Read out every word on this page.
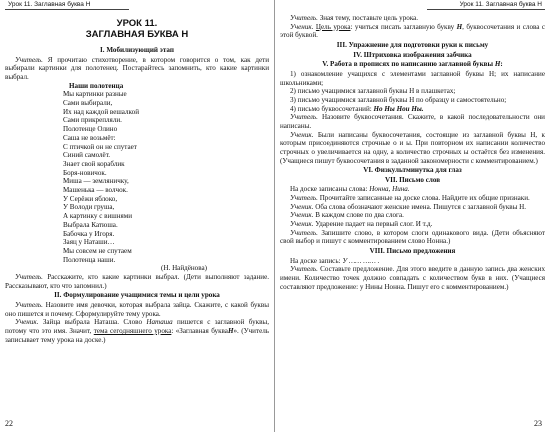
Урок 11. Заглавная буква Н
УРОК 11.
ЗАГЛАВНАЯ БУКВА Н
I. Мобилизующий этап

Учитель. Я прочитаю стихотворение, в котором говорится о том, как дети выбирали картинки для полотенец. Постарайтесь запомнить, кто какие картинки выбрал.

Наши полотенца
Мы картинки разные
Сами выбирали,
Их над каждой вешалкой
Сами прикрепляли.
Полотенце Олино
Саша не возьмёт:
С птичкой он не спутает
Синий самолёт.
Знает свой кораблик
Боря-новичок.
Миша — земляничку,
Машенька — волчок.
У Серёжи яблоко,
У Володи груша,
А картинку с вишнями
Выбрала Катюша.
Бабочка у Игоря.
Заяц у Наташи…
Мы совсем не спутаем
Полотенца наши.
(Н. Найдёнова)

Учитель. Расскажите, кто какие картинки выбрал. (Дети выполняют задание. Рассказывают, кто что запомнил.)

II. Формулирование учащимися темы и цели урока

Учитель. Назовите имя девочки, которая выбрала зайца. Скажите, с какой буквы оно пишется и почему. Сформулируйте тему урока.

Ученик. Зайца выбрала Наташа. Слово Наташа пишется с заглавной буквы, потому что это имя. Значит, тема сегодняшнего урока: «Заглавная букваН». (Учитель записывает тему урока на доске.)

22
Урок 11. Заглавная буква Н

Учитель. Зная тему, поставьте цель урока.

Ученик. Цель урока: учиться писать заглавную букву Н, буквосочетания и слова с этой буквой.

III. Упражнение для подготовки руки к письму
IV. Штриховка изображения забчика
V. Работа в прописях по написанию заглавной буквы Н:

1) ознакомление учащихся с элементами заглавной буквы Н; их написание школьниками;

2) письмо учащимися заглавной буквы Н в плашкетах;

3) письмо учащимися заглавной буквы Н по образцу и самостоятельно;

4) письмо буквосочетаний: Но Ны Нои Ны.

Учитель. Назовите буквосочетания. Скажите, в какой последовательности они написаны.

Ученик. Были написаны буквосочетания, состоящие из заглавной буквы Н, к которым присоединяются строчные о и ы. При повторном их написании количество строчных о увеличивается на одну, а количество строчных ы остаётся без изменения. (Учащиеся пишут буквосочетания в заданной закономерности с комментированием.)

VI. Физкультминутка для глаз
VII. Письмо слов

На доске записаны слова: Нонна, Нина.

Учитель. Прочитайте записанные на доске слова. Найдите их общие признаки.

Ученик. Оба слова обозначают женские имена. Пишутся с заглавной буквы Н.

Ученик. В каждом слове по два слога.

Ученик. Ударение падает на первый слог. И т.д.

Учитель. Запишите слово, в котором слоги одинакового вида. (Дети объясняют свой выбор и пишут с комментированием слово Нонна.)

VIII. Письмо предложения

На доске запись: У …… …… .

Учитель. Составьте предложение. Для этого введите в данную запись два женских имени. Количество точек должно совпадать с количеством букв в них. (Учащиеся составляют предложение: у Нины Нонна. Пишут его с комментированием.)

23
